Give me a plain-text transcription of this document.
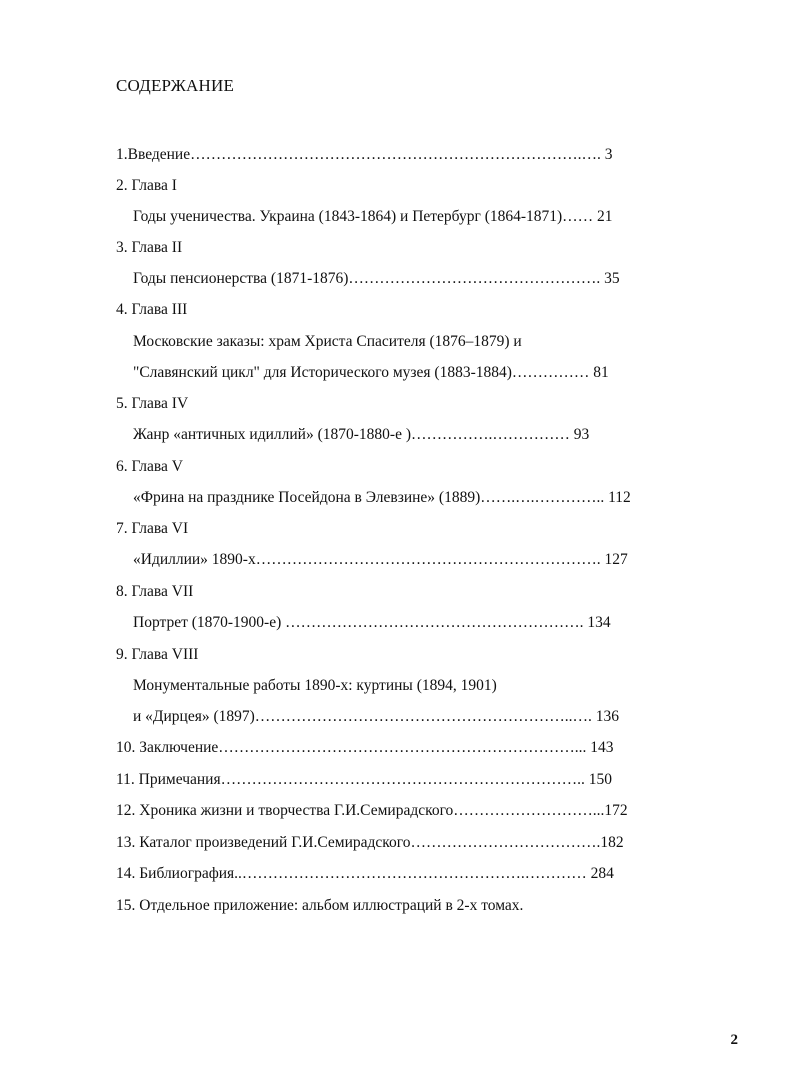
СОДЕРЖАНИЕ
1.Введение………………………………………………………………….…. 3
2. Глава I
Годы ученичества. Украина (1843-1864) и Петербург (1864-1871)…… 21
3. Глава II
Годы пенсионерства (1871-1876)…………………………………………. 35
4. Глава III
Московские заказы: храм Христа Спасителя (1876–1879) и
"Славянский цикл" для Исторического музея (1883-1884)…………… 81
5. Глава IV
Жанр «античных идиллий» (1870-1880-е )…………….…………… 93
6. Глава V
«Фрина на празднике Посейдона в Элевзине» (1889)…….….………….. 112
7. Глава VI
«Идиллии» 1890-х…………………………………………………………. 127
8. Глава VII
Портрет (1870-1900-е) …………………………………………………. 134
9. Глава VIII
Монументальные работы 1890-х: куртины (1894, 1901)
и «Дирцея» (1897)……………………………………………………..…. 136
10. Заключение……………………………………………………………... 143
11. Примечания…………………………………………………………….. 150
12. Хроника жизни и творчества Г.И.Семирадского………………………...172
13. Каталог произведений Г.И.Семирадского……………………………….182
14. Библиография..……………………………………………….………… 284
15. Отдельное приложение: альбом иллюстраций в 2-х томах.
2
